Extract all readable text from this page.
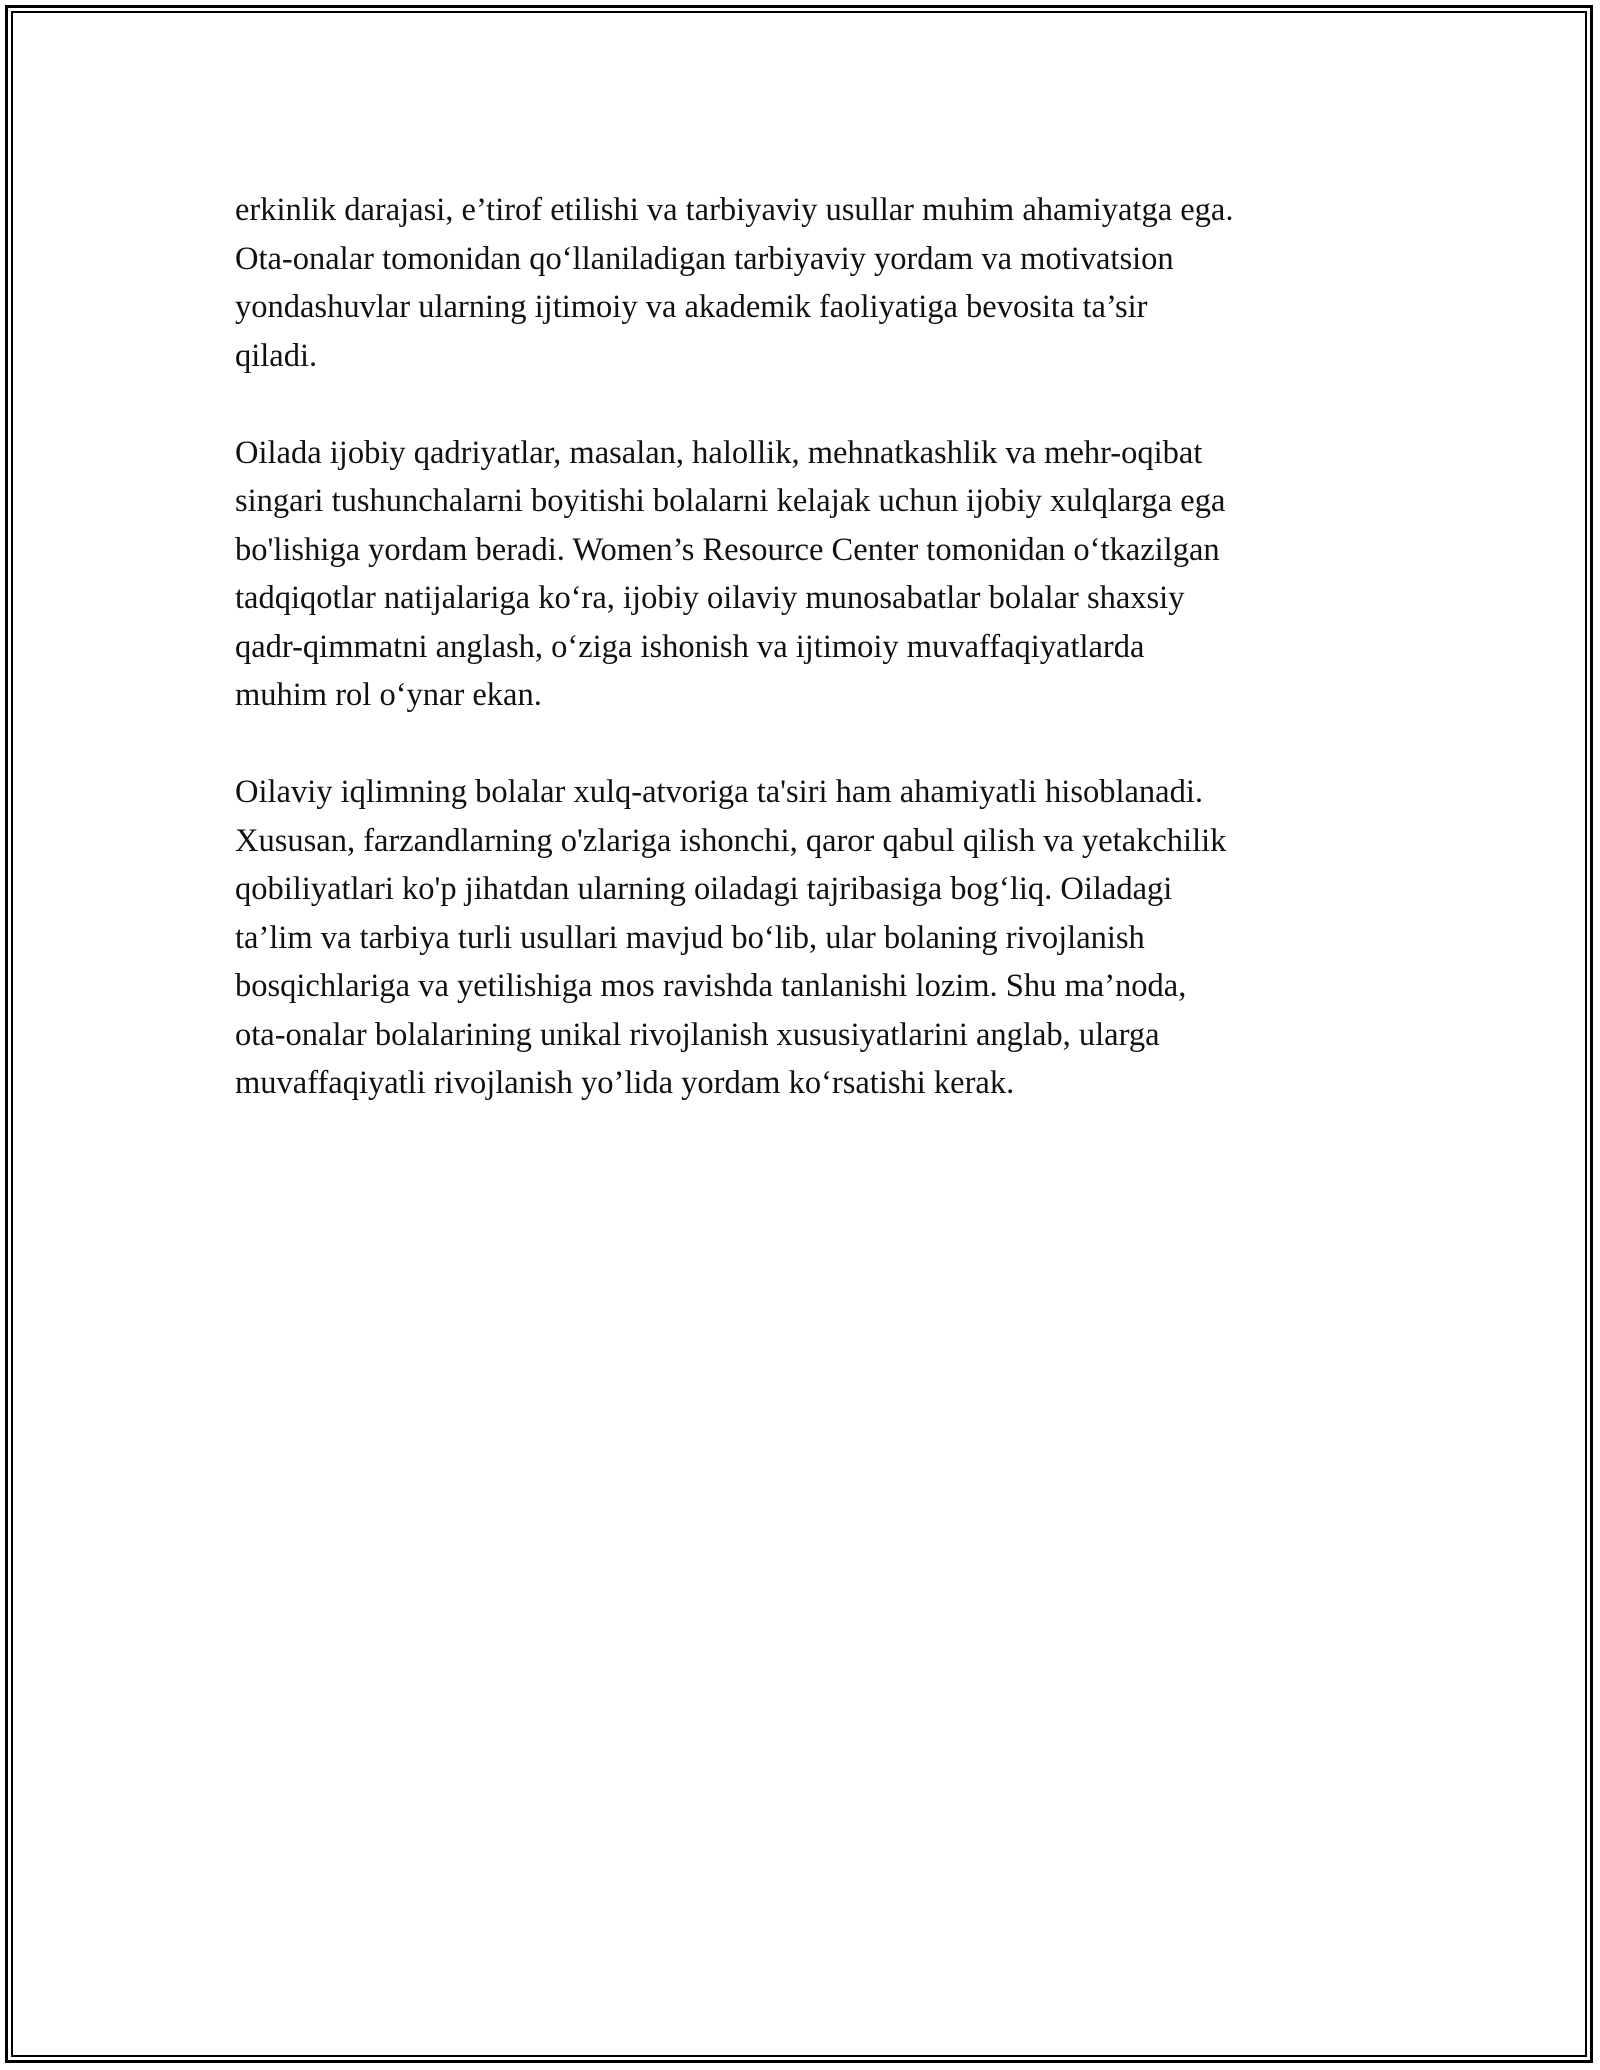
erkinlik darajasi, e’tirof etilishi va tarbiyaviy usullar muhim ahamiyatga ega.
Ota-onalar tomonidan qo‘llaniladigan tarbiyaviy yordam va motivatsion
yondashuvlar ularning ijtimoiy va akademik faoliyatiga bevosita ta’sir
qiladi.

Oilada ijobiy qadriyatlar, masalan, halollik, mehnatkashlik va mehr-oqibat
singari tushunchalarni boyitishi bolalarni kelajak uchun ijobiy xulqlarga ega
bo'lishiga yordam beradi. Women’s Resource Center tomonidan o‘tkazilgan
tadqiqotlar natijalariga ko‘ra, ijobiy oilaviy munosabatlar bolalar shaxsiy
qadr-qimmatni anglash, o‘ziga ishonish va ijtimoiy muvaffaqiyatlarda
muhim rol o‘ynar ekan.

Oilaviy iqlimning bolalar xulq-atvoriga ta'siri ham ahamiyatli hisoblanadi.
Xususan, farzandlarning o'zlariga ishonchi, qaror qabul qilish va yetakchilik
qobiliyatlari ko'p jihatdan ularning oiladagi tajribasiga bog‘liq. Oiladagi
ta’lim va tarbiya turli usullari mavjud bo‘lib, ular bolaning rivojlanish
bosqichlariga va yetilishiga mos ravishda tanlanishi lozim. Shu ma’noda,
ota-onalar bolalarining unikal rivojlanish xususiyatlarini anglab, ularga
muvaffaqiyatli rivojlanish yo’lida yordam ko‘rsatishi kerak.
